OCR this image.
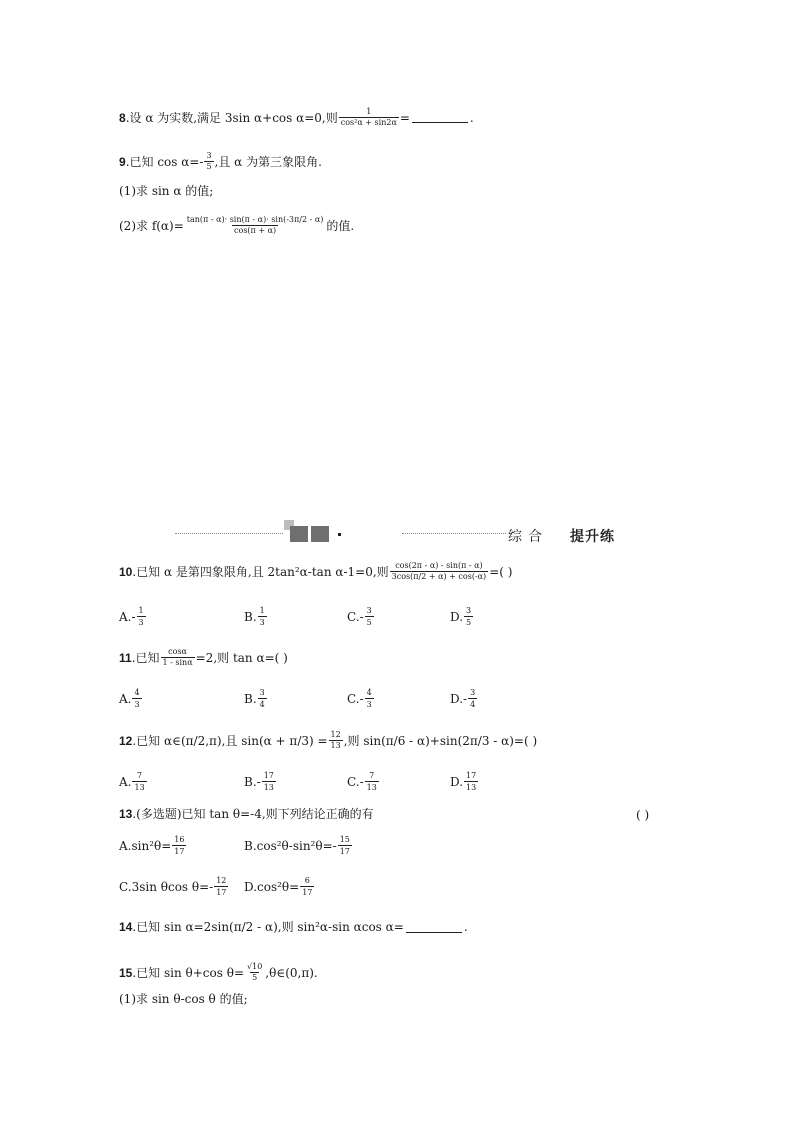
8 .设 α 为实数,满足 3sin α+cos α=0,则 $\frac{1}{\text{cos²α + sin2α}}$ =	.
9 .已知 $\cos \alpha=- \frac{3}{5}$ ,且 α 为第三象限角.
(1)求 sin α 的值;
(2)求 $f(\alpha)= \frac{\tan(\pi - \alpha)\cdot \sin(\pi - \alpha)\cdot \sin(-3\pi/2 - \alpha)}{\cos(\pi + \alpha)}$ 的值.
综合 提升练
10 .已知 α 是第四象限角,且 2tan²α-tan α-1=0,则 $\frac{\cos(2\pi - \alpha) - \sin(\pi - \alpha)}{3\cos(\pi/2 + \alpha) + \cos(-\alpha)}$ =( )
$A.- \frac{1}{3}$	B. $\frac{1}{3}$	$C.- \frac{3}{5}$	D. $\frac{3}{5}$
11 .已知 $\frac{\cos\alpha}{1 - \sin\alpha} =2$,则 tan α=( )
A. $\frac{4}{3}$	B. $\frac{3}{4}$	$C.- \frac{4}{3}$	$D.- \frac{3}{4}$
12 .已知 α∈(π/2,π),且 $\sin(\alpha + \pi/3) = \frac{12}{13}$ ,则 sin(π/6 - α)+sin(2π/3 - α)=( )
A. $\frac{7}{13}$	$B.- \frac{17}{13}$	$C.- \frac{7}{13}$	D. $\frac{17}{13}$
13 .(多选题)已知 tan θ=-4,则下列结论正确的有	( )
$A.\sin^2\theta= \frac{16}{17}$	$B.\cos^2\theta-\sin^2\theta=- \frac{15}{17}$
C.3sin θcos $\theta=- \frac{12}{17} D.\cos^2\theta= \frac{6}{17}$
14 .已知 sin α=2sin(π/2 - α),则 sin²α-sin αcos α=	.
15 .已知 sin θ+cos $\theta= \frac{√10}{5}$ ,θ∈(0,π).
(1)求 sin θ-cos θ 的值;
